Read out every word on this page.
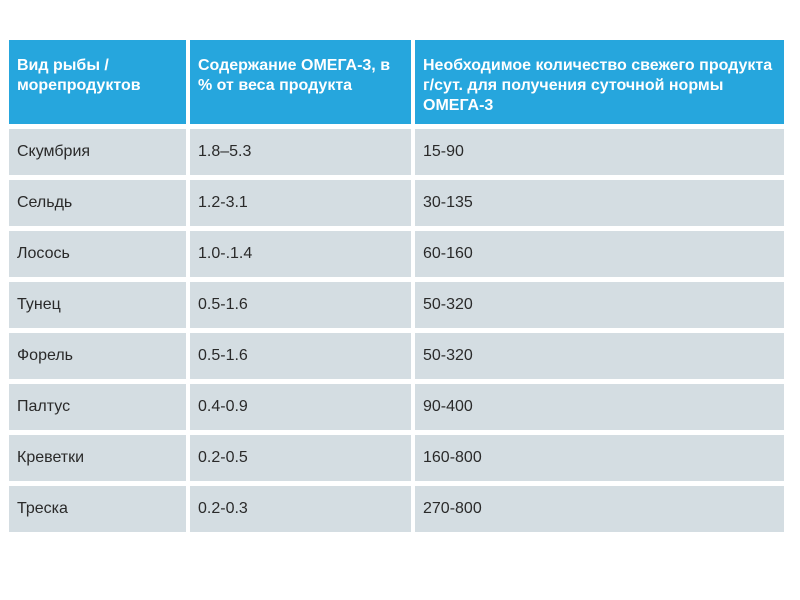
Вид рыбы / морепродуктов	Содержание ОМЕГА-3, в % от веса продукта	Необходимое количество свежего продукта г/сут. для получения суточной нормы ОМЕГА-3
Скумбрия	1.8–5.3	15-90
Сельдь	1.2-3.1	30-135
Лосось	1.0-.1.4	60-160
Тунец	0.5-1.6	50-320
Форель	0.5-1.6	50-320
Палтус	0.4-0.9	90-400
Креветки	0.2-0.5	160-800
Треска	0.2-0.3	270-800
